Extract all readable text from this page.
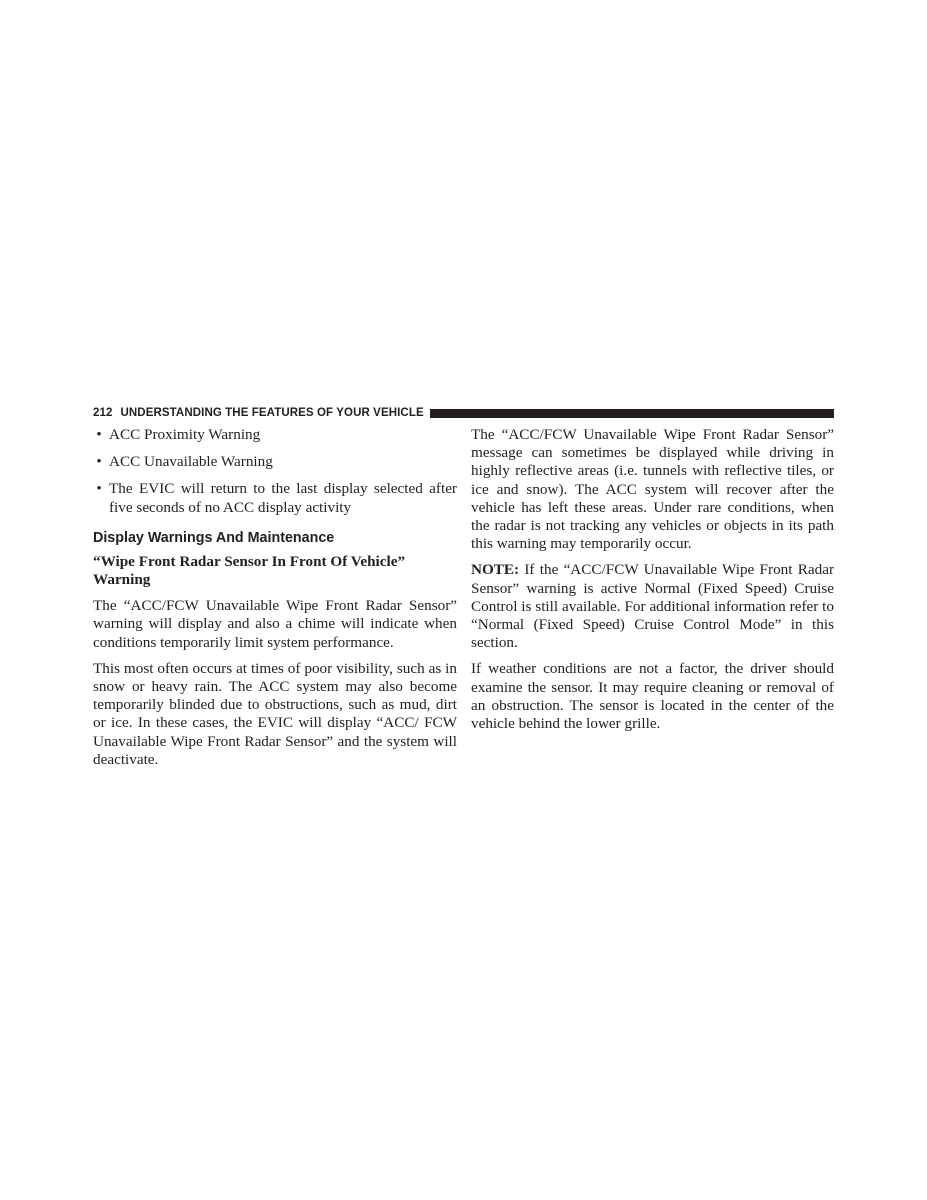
212 UNDERSTANDING THE FEATURES OF YOUR VEHICLE
• ACC Proximity Warning
• ACC Unavailable Warning
• The EVIC will return to the last display selected after five seconds of no ACC display activity
Display Warnings And Maintenance
“Wipe Front Radar Sensor In Front Of Vehicle” Warning

The “ACC/FCW Unavailable Wipe Front Radar Sensor” warning will display and also a chime will indicate when conditions temporarily limit system performance.

This most often occurs at times of poor visibility, such as in snow or heavy rain. The ACC system may also become temporarily blinded due to obstructions, such as mud, dirt or ice. In these cases, the EVIC will display “ACC/ FCW Unavailable Wipe Front Radar Sensor” and the system will deactivate.

The “ACC/FCW Unavailable Wipe Front Radar Sensor” message can sometimes be displayed while driving in highly reflective areas (i.e. tunnels with reflective tiles, or ice and snow). The ACC system will recover after the vehicle has left these areas. Under rare conditions, when the radar is not tracking any vehicles or objects in its path this warning may temporarily occur.

NOTE: If the “ACC/FCW Unavailable Wipe Front Radar Sensor” warning is active Normal (Fixed Speed) Cruise Control is still available. For additional information refer to “Normal (Fixed Speed) Cruise Control Mode” in this section.

If weather conditions are not a factor, the driver should examine the sensor. It may require cleaning or removal of an obstruction. The sensor is located in the center of the vehicle behind the lower grille.
